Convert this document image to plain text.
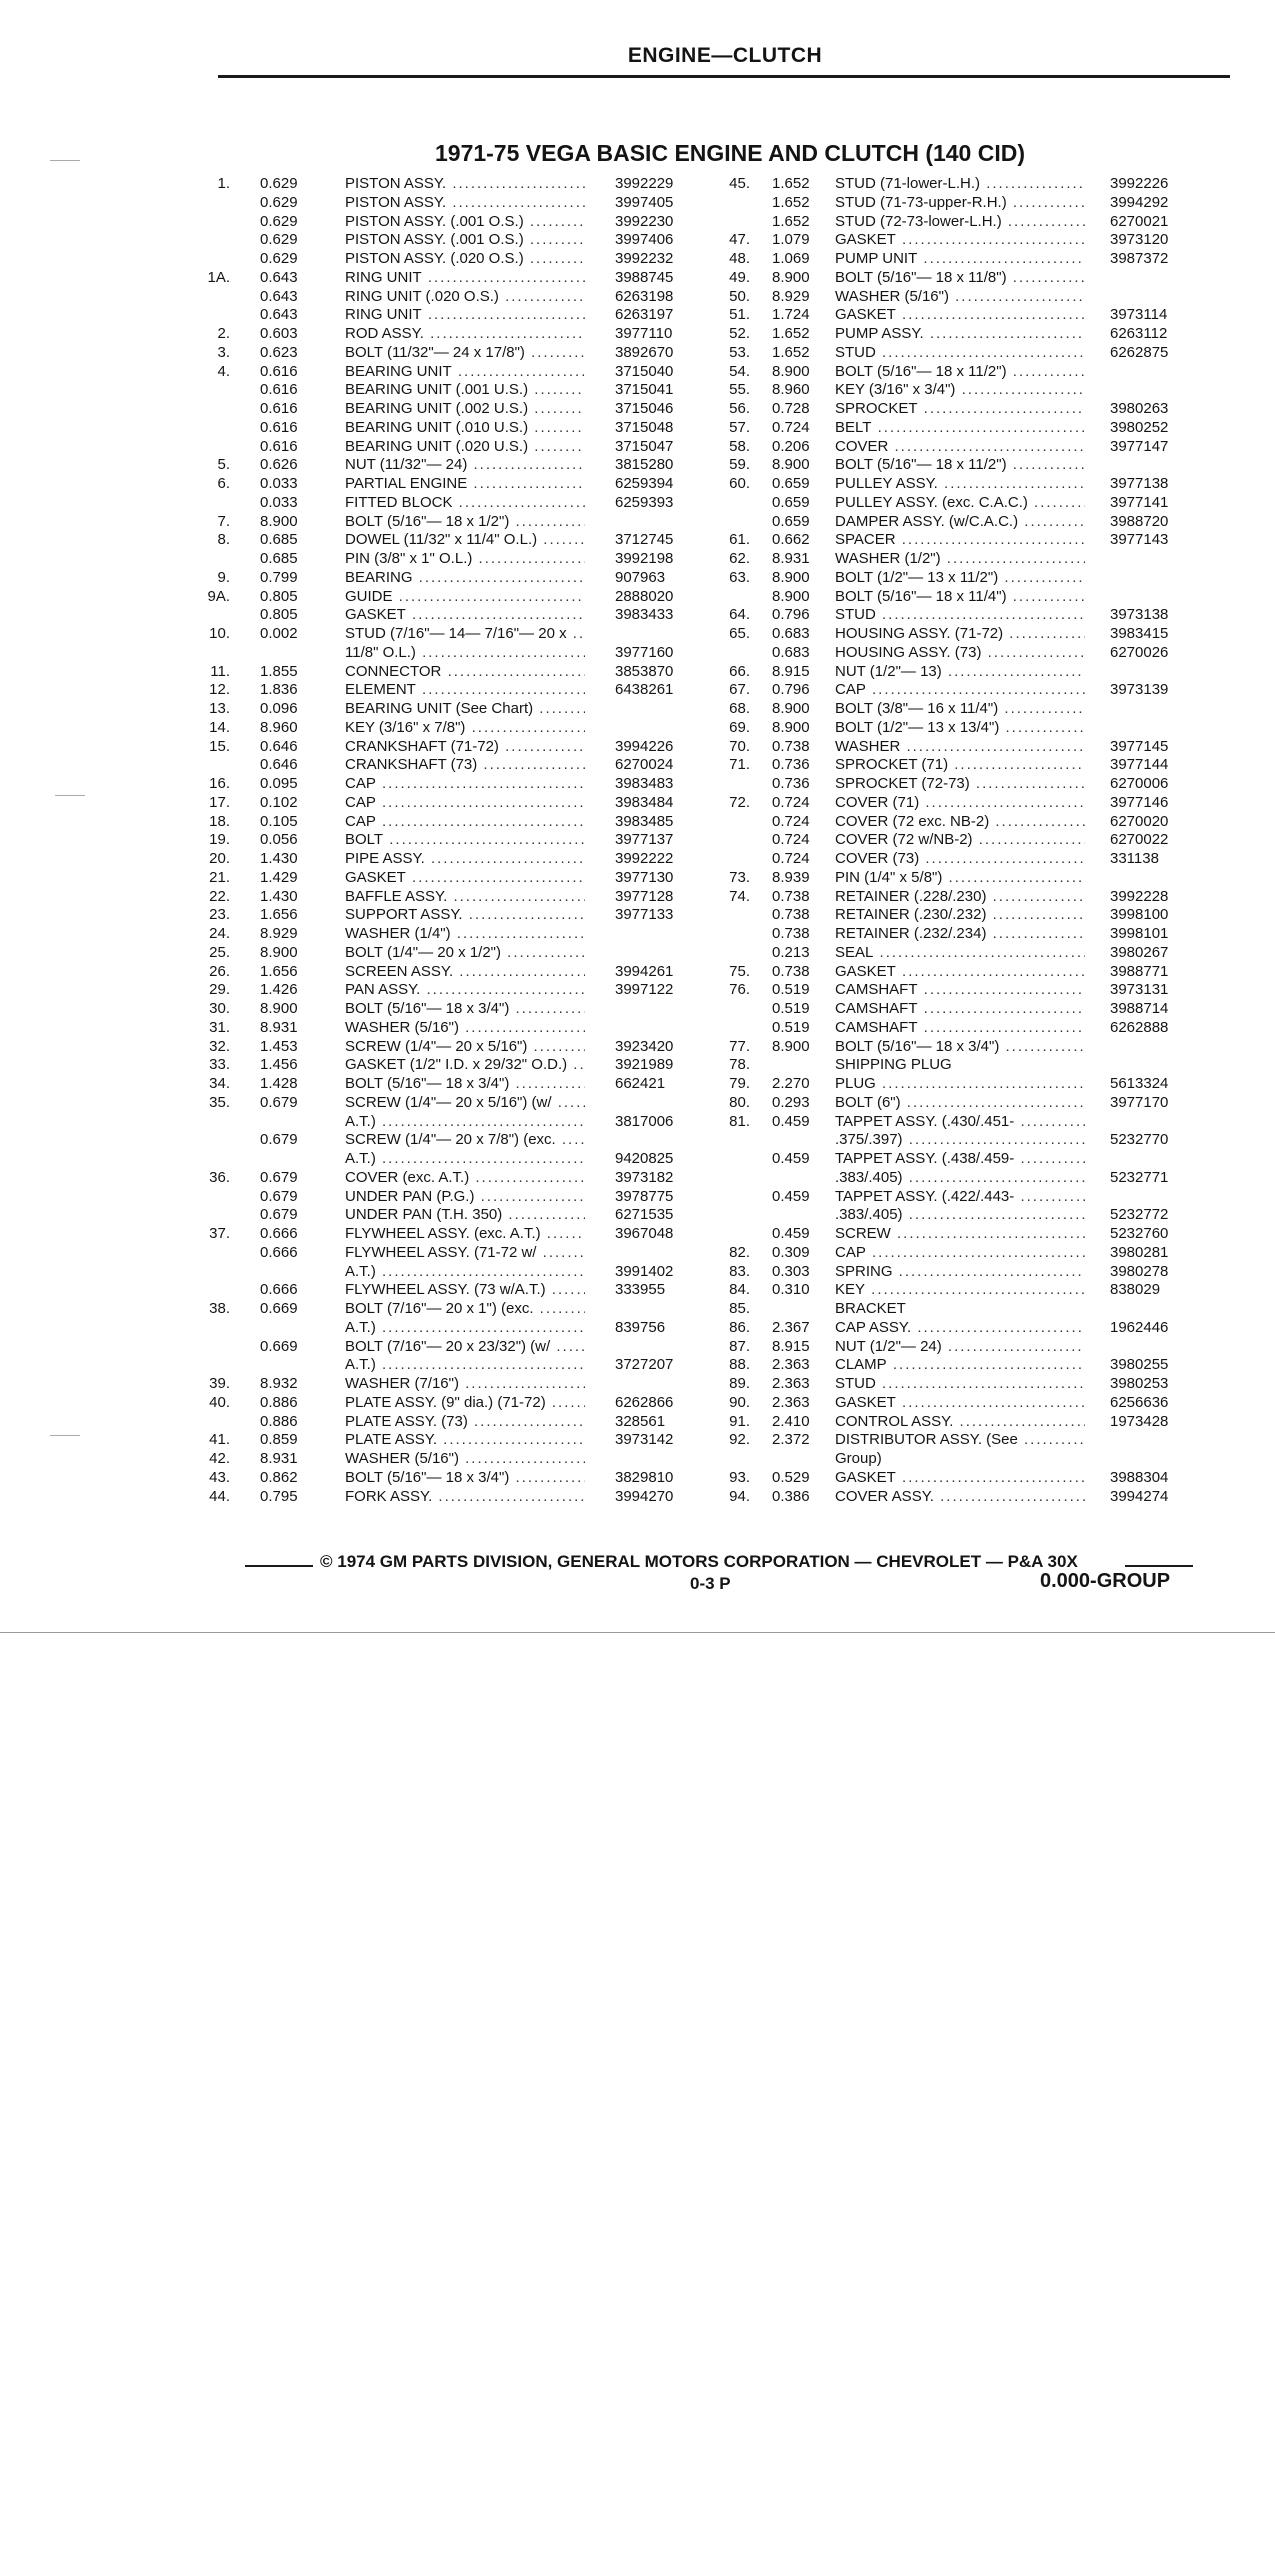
ENGINE—CLUTCH
1971-75 VEGA BASIC ENGINE AND CLUTCH (140 CID)
1. 0.629	PISTON ASSY. .....	3992229
0.629	PISTON ASSY. .....	3997405
0.629	PISTON ASSY. (.001 O.S.) .....	3992230
0.629	PISTON ASSY. (.001 O.S.) .....	3997406
0.629	PISTON ASSY. (.020 O.S.) .....	3992232
1A. 0.643	RING UNIT .....	3988745
0.643	RING UNIT (.020 O.S.) .....	6263198
0.643	RING UNIT .....	6263197
2. 0.603	ROD ASSY. .....	3977110
3. 0.623	BOLT (11/32"— 24 x 17/8") .....	3892670
4. 0.616	BEARING UNIT .....	3715040
0.616	BEARING UNIT (.001 U.S.) .....	3715041
0.616	BEARING UNIT (.002 U.S.) .....	3715046
0.616	BEARING UNIT (.010 U.S.) .....	3715048
0.616	BEARING UNIT (.020 U.S.) .....	3715047
5. 0.626	NUT (11/32"— 24) .....	3815280
6. 0.033	PARTIAL ENGINE .....	6259394
0.033	FITTED BLOCK .....	6259393
7. 8.900	BOLT (5/16"— 18 x 1/2") .....
8. 0.685	DOWEL (11/32" x 11/4" O.L.) .....	3712745
0.685	PIN (3/8" x 1" O.L.) .....	3992198
9. 0.799	BEARING .....	907963
9A. 0.805	GUIDE .....	2888020
0.805	GASKET .....	3983433
10. 0.002	STUD (7/16"— 14— 7/16"— 20 x .....
11/8" O.L.) .....	3977160
11. 1.855	CONNECTOR .....	3853870
12. 1.836	ELEMENT .....	6438261
13. 0.096	BEARING UNIT (See Chart) .....
14. 8.960	KEY (3/16" x 7/8") .....
15. 0.646	CRANKSHAFT (71-72) .....	3994226
0.646	CRANKSHAFT (73) .....	6270024
16. 0.095	CAP .....	3983483
17. 0.102	CAP .....	3983484
18. 0.105	CAP .....	3983485
19. 0.056	BOLT .....	3977137
20. 1.430	PIPE ASSY. .....	3992222
21. 1.429	GASKET .....	3977130
22. 1.430	BAFFLE ASSY. .....	3977128
23. 1.656	SUPPORT ASSY. .....	3977133
24. 8.929	WASHER (1/4") .....
25. 8.900	BOLT (1/4"— 20 x 1/2") .....
26. 1.656	SCREEN ASSY. .....	3994261
29. 1.426	PAN ASSY. .....	3997122
30. 8.900	BOLT (5/16"— 18 x 3/4") .....
31. 8.931	WASHER (5/16") .....
32. 1.453	SCREW (1/4"— 20 x 5/16") .....	3923420
33. 1.456	GASKET (1/2" I.D. x 29/32" O.D.) .....	3921989
34. 1.428	BOLT (5/16"— 18 x 3/4") .....	662421
35. 0.679	SCREW (1/4"— 20 x 5/16") (w/ .....
A.T.) .....	3817006
0.679	SCREW (1/4"— 20 x 7/8") (exc. .....
A.T.) .....	9420825
36. 0.679	COVER (exc. A.T.) .....	3973182
0.679	UNDER PAN (P.G.) .....	3978775
0.679	UNDER PAN (T.H. 350) .....	6271535
37. 0.666	FLYWHEEL ASSY. (exc. A.T.) .....	3967048
0.666	FLYWHEEL ASSY. (71-72 w/ .....
A.T.) .....	3991402
0.666	FLYWHEEL ASSY. (73 w/A.T.) .....	333955
38. 0.669	BOLT (7/16"— 20 x 1") (exc. .....
A.T.) .....	839756
0.669	BOLT (7/16"— 20 x 23/32") (w/ .....
A.T.) .....	3727207
39. 8.932	WASHER (7/16") .....
40. 0.886	PLATE ASSY. (9" dia.) (71-72) .....	6262866
0.886	PLATE ASSY. (73) .....	328561
41. 0.859	PLATE ASSY. .....	3973142
42. 8.931	WASHER (5/16") .....
43. 0.862	BOLT (5/16"— 18 x 3/4") .....	3829810
44. 0.795	FORK ASSY. .....	3994270
45. 1.652 STUD (71-lower-L.H.) .....	3992226
1.652 STUD (71-73-upper-R.H.) .....	3994292
1.652 STUD (72-73-lower-L.H.) .....	6270021
47. 1.079 GASKET .....	3973120
48. 1.069 PUMP UNIT .....	3987372
49. 8.900 BOLT (5/16"— 18 x 11/8") .....
50. 8.929 WASHER (5/16") .....
51. 1.724 GASKET .....	3973114
52. 1.652 PUMP ASSY. .....	6263112
53. 1.652 STUD .....	6262875
54. 8.900 BOLT (5/16"— 18 x 11/2") .....
55. 8.960 KEY (3/16" x 3/4") .....
56. 0.728 SPROCKET .....	3980263
57. 0.724 BELT .....	3980252
58. 0.206 COVER .....	3977147
59. 8.900 BOLT (5/16"— 18 x 11/2") .....
60. 0.659 PULLEY ASSY. .....	3977138
0.659 PULLEY ASSY. (exc. C.A.C.) .....	3977141
0.659 DAMPER ASSY. (w/C.A.C.) .....	3988720
61. 0.662 SPACER .....	3977143
62. 8.931 WASHER (1/2") .....
63. 8.900 BOLT (1/2"— 13 x 11/2") .....
8.900 BOLT (5/16"— 18 x 11/4") .....
64. 0.796 STUD .....	3973138
65. 0.683 HOUSING ASSY. (71-72) .....	3983415
0.683 HOUSING ASSY. (73) .....	6270026
66. 8.915 NUT (1/2"— 13) .....
67. 0.796 CAP .....	3973139
68. 8.900 BOLT (3/8"— 16 x 11/4") .....
69. 8.900 BOLT (1/2"— 13 x 13/4") .....
70. 0.738 WASHER .....	3977145
71. 0.736 SPROCKET (71) .....	3977144
0.736 SPROCKET (72-73) .....	6270006
72. 0.724 COVER (71) .....	3977146
0.724 COVER (72 exc. NB-2) .....	6270020
0.724 COVER (72 w/NB-2) .....	6270022
0.724 COVER (73) .....	331138
73. 8.939 PIN (1/4" x 5/8") .....
74. 0.738 RETAINER (.228/.230) .....	3992228
0.738 RETAINER (.230/.232) .....	3998100
0.738 RETAINER (.232/.234) .....	3998101
0.213 SEAL .....	3980267
75. 0.738 GASKET .....	3988771
76. 0.519 CAMSHAFT .....	3973131
0.519 CAMSHAFT .....	3988714
0.519 CAMSHAFT .....	6262888
77. 8.900 BOLT (5/16"— 18 x 3/4") .....
78.	SHIPPING PLUG
79. 2.270 PLUG .....	5613324
80. 0.293 BOLT (6") .....	3977170
81. 0.459 TAPPET ASSY. (.430/.451- .....
.375/.397) .....	5232770
0.459 TAPPET ASSY. (.438/.459- .....
.383/.405) .....	5232771
0.459 TAPPET ASSY. (.422/.443- .....
.383/.405) .....	5232772
0.459 SCREW .....	5232760
82. 0.309 CAP .....	3980281
83. 0.303 SPRING .....	3980278
84. 0.310 KEY .....	838029
85.	BRACKET
86. 2.367 CAP ASSY. .....	1962446
87. 8.915 NUT (1/2"— 24) .....
88. 2.363 CLAMP .....	3980255
89. 2.363 STUD .....	3980253
90. 2.363 GASKET .....	6256636
91. 2.410 CONTROL ASSY. .....	1973428
92. 2.372 DISTRIBUTOR ASSY. (See .....
Group)
93. 0.529 GASKET .....	3988304
94. 0.386 COVER ASSY. .....	3994274
© 1974 GM PARTS DIVISION, GENERAL MOTORS CORPORATION — CHEVROLET — P&A 30X
0-3 P	0.000-GROUP
